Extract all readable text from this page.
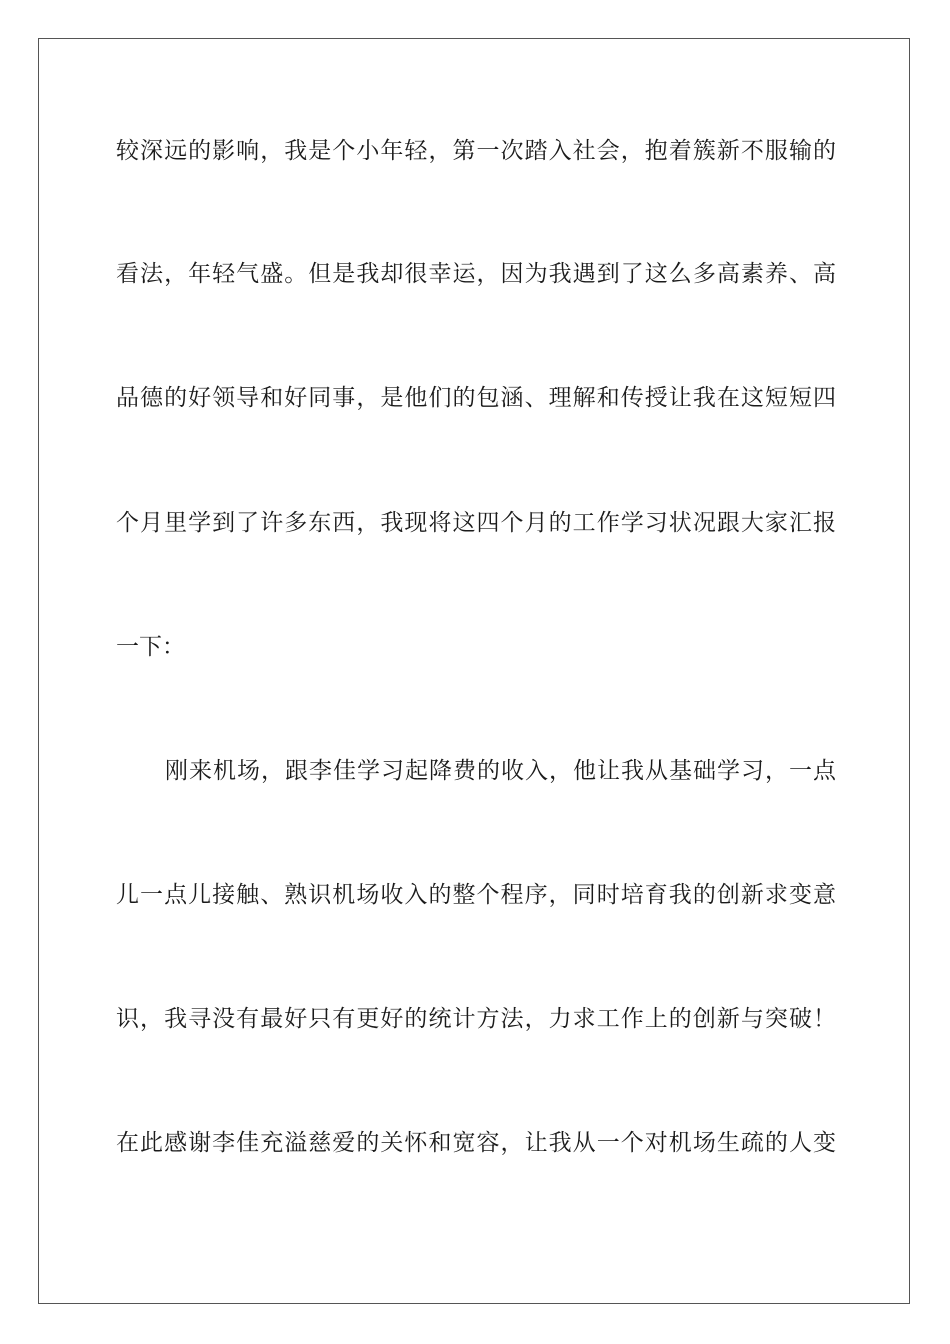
较深远的影响，我是个小年轻，第一次踏入社会，抱着簇新不服输的
看法，年轻气盛。但是我却很幸运，因为我遇到了这么多高素养、高
品德的好领导和好同事，是他们的包涵、理解和传授让我在这短短四
个月里学到了许多东西，我现将这四个月的工作学习状况跟大家汇报
一下：
刚来机场，跟李佳学习起降费的收入，他让我从基础学习，一点
儿一点儿接触、熟识机场收入的整个程序，同时培育我的创新求变意
识，我寻没有最好只有更好的统计方法，力求工作上的创新与突破！
在此感谢李佳充溢慈爱的关怀和宽容，让我从一个对机场生疏的人变
